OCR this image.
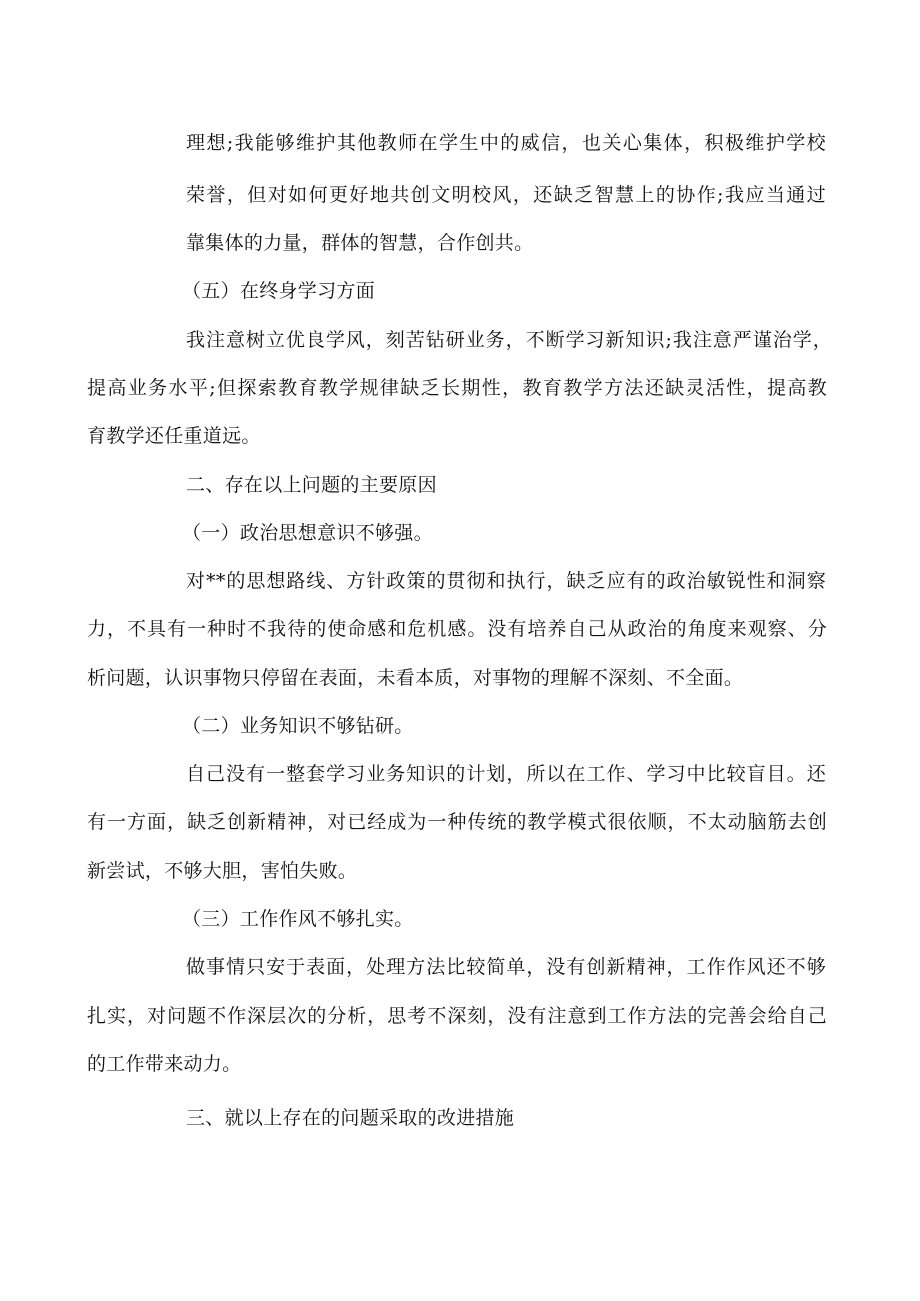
理想;我能够维护其他教师在学生中的威信，也关心集体，积极维护学校
荣誉，但对如何更好地共创文明校风，还缺乏智慧上的协作;我应当通过
靠集体的力量，群体的智慧，合作创共。
（五）在终身学习方面
我注意树立优良学风，刻苦钻研业务，不断学习新知识;我注意严谨治学，
提高业务水平;但探索教育教学规律缺乏长期性，教育教学方法还缺灵活性，提高教
育教学还任重道远。
二、存在以上问题的主要原因
（一）政治思想意识不够强。
对**的思想路线、方针政策的贯彻和执行，缺乏应有的政治敏锐性和洞察
力，不具有一种时不我待的使命感和危机感。没有培养自己从政治的角度来观察、分
析问题，认识事物只停留在表面，未看本质，对事物的理解不深刻、不全面。
（二）业务知识不够钻研。
自己没有一整套学习业务知识的计划，所以在工作、学习中比较盲目。还
有一方面，缺乏创新精神，对已经成为一种传统的教学模式很依顺，不太动脑筋去创
新尝试，不够大胆，害怕失败。
（三）工作作风不够扎实。
做事情只安于表面，处理方法比较简单，没有创新精神，工作作风还不够
扎实，对问题不作深层次的分析，思考不深刻，没有注意到工作方法的完善会给自己
的工作带来动力。
三、就以上存在的问题采取的改进措施
